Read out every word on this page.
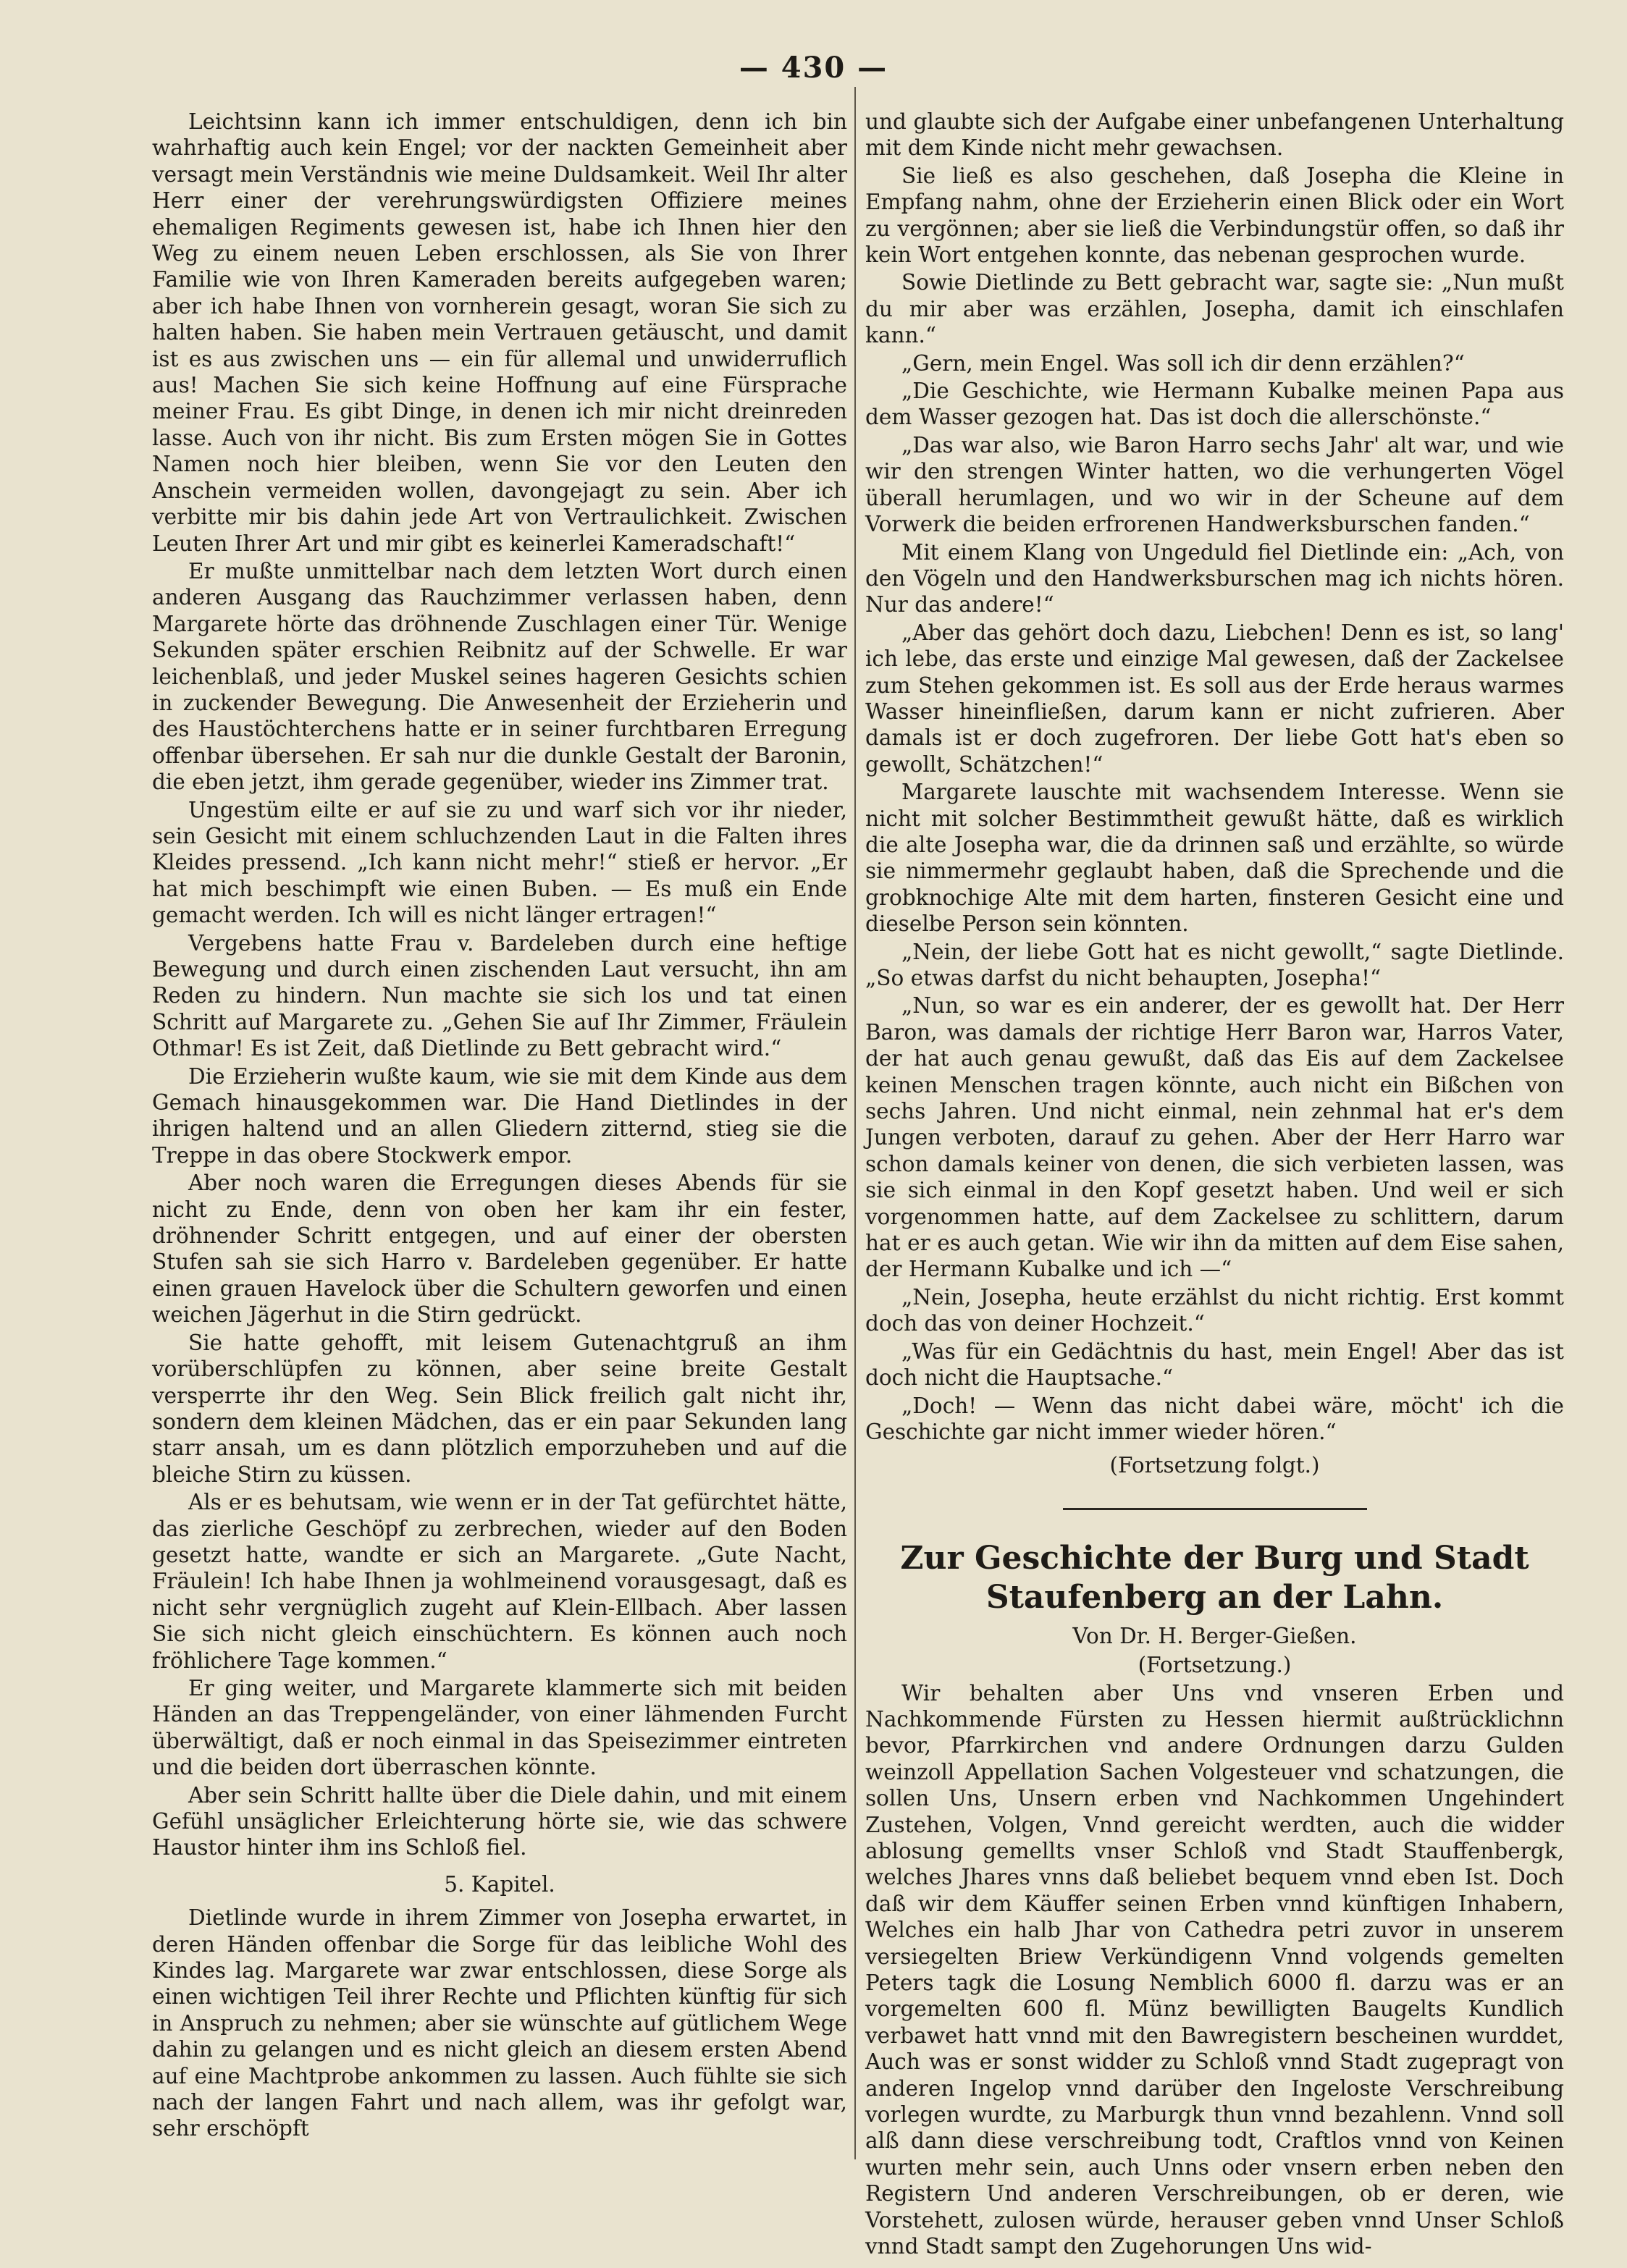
— 430 —

Leichtsinn kann ich immer entschuldigen, denn ich bin wahrhaftig auch kein Engel; vor der nackten Gemeinheit aber versagt mein Verständnis wie meine Duldsamkeit. Weil Ihr alter Herr einer der verehrungswürdigsten Offiziere meines ehemaligen Regiments gewesen ist, habe ich Ihnen hier den Weg zu einem neuen Leben erschlossen, als Sie von Ihrer Familie wie von Ihren Kameraden bereits aufgegeben waren; aber ich habe Ihnen von vornherein gesagt, woran Sie sich zu halten haben. Sie haben mein Vertrauen getäuscht, und damit ist es aus zwischen uns — ein für allemal und unwiderruflich aus! Machen Sie sich keine Hoffnung auf eine Fürsprache meiner Frau. Es gibt Dinge, in denen ich mir nicht dreinreden lasse. Auch von ihr nicht. Bis zum Ersten mögen Sie in Gottes Namen noch hier bleiben, wenn Sie vor den Leuten den Anschein vermeiden wollen, davongejagt zu sein. Aber ich verbitte mir bis dahin jede Art von Vertraulichkeit. Zwischen Leuten Ihrer Art und mir gibt es keinerlei Kameradschaft!“

Er mußte unmittelbar nach dem letzten Wort durch einen anderen Ausgang das Rauchzimmer verlassen haben, denn Margarete hörte das dröhnende Zuschlagen einer Tür. Wenige Sekunden später erschien Reibnitz auf der Schwelle. Er war leichenblaß, und jeder Muskel seines hageren Gesichts schien in zuckender Bewegung. Die Anwesenheit der Erzieherin und des Haustöchterchens hatte er in seiner furchtbaren Erregung offenbar übersehen. Er sah nur die dunkle Gestalt der Baronin, die eben jetzt, ihm gerade gegenüber, wieder ins Zimmer trat.

Ungestüm eilte er auf sie zu und warf sich vor ihr nieder, sein Gesicht mit einem schluchzenden Laut in die Falten ihres Kleides pressend. „Ich kann nicht mehr!“ stieß er hervor. „Er hat mich beschimpft wie einen Buben. — Es muß ein Ende gemacht werden. Ich will es nicht länger ertragen!“

Vergebens hatte Frau v. Bardeleben durch eine heftige Bewegung und durch einen zischenden Laut versucht, ihn am Reden zu hindern. Nun machte sie sich los und tat einen Schritt auf Margarete zu. „Gehen Sie auf Ihr Zimmer, Fräulein Othmar! Es ist Zeit, daß Dietlinde zu Bett gebracht wird.“

Die Erzieherin wußte kaum, wie sie mit dem Kinde aus dem Gemach hinausgekommen war. Die Hand Dietlindes in der ihrigen haltend und an allen Gliedern zitternd, stieg sie die Treppe in das obere Stockwerk empor.

Aber noch waren die Erregungen dieses Abends für sie nicht zu Ende, denn von oben her kam ihr ein fester, dröhnender Schritt entgegen, und auf einer der obersten Stufen sah sie sich Harro v. Bardeleben gegenüber. Er hatte einen grauen Havelock über die Schultern geworfen und einen weichen Jägerhut in die Stirn gedrückt.

Sie hatte gehofft, mit leisem Gutenachtgruß an ihm vorüberschlüpfen zu können, aber seine breite Gestalt versperrte ihr den Weg. Sein Blick freilich galt nicht ihr, sondern dem kleinen Mädchen, das er ein paar Sekunden lang starr ansah, um es dann plötzlich emporzuheben und auf die bleiche Stirn zu küssen.

Als er es behutsam, wie wenn er in der Tat gefürchtet hätte, das zierliche Geschöpf zu zerbrechen, wieder auf den Boden gesetzt hatte, wandte er sich an Margarete. „Gute Nacht, Fräulein! Ich habe Ihnen ja wohlmeinend vorausgesagt, daß es nicht sehr vergnüglich zugeht auf Klein-Ellbach. Aber lassen Sie sich nicht gleich einschüchtern. Es können auch noch fröhlichere Tage kommen.“

Er ging weiter, und Margarete klammerte sich mit beiden Händen an das Treppengeländer, von einer lähmenden Furcht überwältigt, daß er noch einmal in das Speisezimmer eintreten und die beiden dort überraschen könnte.

Aber sein Schritt hallte über die Diele dahin, und mit einem Gefühl unsäglicher Erleichterung hörte sie, wie das schwere Haustor hinter ihm ins Schloß fiel.

5. Kapitel.

Dietlinde wurde in ihrem Zimmer von Josepha erwartet, in deren Händen offenbar die Sorge für das leibliche Wohl des Kindes lag. Margarete war zwar entschlossen, diese Sorge als einen wichtigen Teil ihrer Rechte und Pflichten künftig für sich in Anspruch zu nehmen; aber sie wünschte auf gütlichem Wege dahin zu gelangen und es nicht gleich an diesem ersten Abend auf eine Machtprobe ankommen zu lassen. Auch fühlte sie sich nach der langen Fahrt und nach allem, was ihr gefolgt war, sehr erschöpft

und glaubte sich der Aufgabe einer unbefangenen Unterhaltung mit dem Kinde nicht mehr gewachsen.

Sie ließ es also geschehen, daß Josepha die Kleine in Empfang nahm, ohne der Erzieherin einen Blick oder ein Wort zu vergönnen; aber sie ließ die Verbindungstür offen, so daß ihr kein Wort entgehen konnte, das nebenan gesprochen wurde.

Sowie Dietlinde zu Bett gebracht war, sagte sie: „Nun mußt du mir aber was erzählen, Josepha, damit ich einschlafen kann.“

„Gern, mein Engel. Was soll ich dir denn erzählen?“

„Die Geschichte, wie Hermann Kubalke meinen Papa aus dem Wasser gezogen hat. Das ist doch die allerschönste.“

„Das war also, wie Baron Harro sechs Jahr' alt war, und wie wir den strengen Winter hatten, wo die verhungerten Vögel überall herumlagen, und wo wir in der Scheune auf dem Vorwerk die beiden erfrorenen Handwerksburschen fanden.“

Mit einem Klang von Ungeduld fiel Dietlinde ein: „Ach, von den Vögeln und den Handwerksburschen mag ich nichts hören. Nur das andere!“

„Aber das gehört doch dazu, Liebchen! Denn es ist, so lang' ich lebe, das erste und einzige Mal gewesen, daß der Zackelsee zum Stehen gekommen ist. Es soll aus der Erde heraus warmes Wasser hineinfließen, darum kann er nicht zufrieren. Aber damals ist er doch zugefroren. Der liebe Gott hat's eben so gewollt, Schätzchen!“

Margarete lauschte mit wachsendem Interesse. Wenn sie nicht mit solcher Bestimmtheit gewußt hätte, daß es wirklich die alte Josepha war, die da drinnen saß und erzählte, so würde sie nimmermehr geglaubt haben, daß die Sprechende und die grobknochige Alte mit dem harten, finsteren Gesicht eine und dieselbe Person sein könnten.

„Nein, der liebe Gott hat es nicht gewollt,“ sagte Dietlinde. „So etwas darfst du nicht behaupten, Josepha!“

„Nun, so war es ein anderer, der es gewollt hat. Der Herr Baron, was damals der richtige Herr Baron war, Harros Vater, der hat auch genau gewußt, daß das Eis auf dem Zackelsee keinen Menschen tragen könnte, auch nicht ein Bißchen von sechs Jahren. Und nicht einmal, nein zehnmal hat er's dem Jungen verboten, darauf zu gehen. Aber der Herr Harro war schon damals keiner von denen, die sich verbieten lassen, was sie sich einmal in den Kopf gesetzt haben. Und weil er sich vorgenommen hatte, auf dem Zackelsee zu schlittern, darum hat er es auch getan. Wie wir ihn da mitten auf dem Eise sahen, der Hermann Kubalke und ich —“

„Nein, Josepha, heute erzählst du nicht richtig. Erst kommt doch das von deiner Hochzeit.“

„Was für ein Gedächtnis du hast, mein Engel! Aber das ist doch nicht die Hauptsache.“

„Doch! — Wenn das nicht dabei wäre, möcht' ich die Geschichte gar nicht immer wieder hören.“

(Fortsetzung folgt.)

Zur Geschichte der Burg und Stadt Staufenberg an der Lahn.

Von Dr. H. Berger-Gießen.

(Fortsetzung.)

Wir behalten aber Uns vnd vnseren Erben und Nachkommende Fürsten zu Hessen hiermit außtrücklichnn bevor, Pfarrkirchen vnd andere Ordnungen darzu Gulden weinzoll Appellation Sachen Volgesteuer vnd schatzungen, die sollen Uns, Unsern erben vnd Nachkommen Ungehindert Zustehen, Volgen, Vnnd gereicht werdten, auch die widder ablosung gemellts vnser Schloß vnd Stadt Stauffenbergk, welches Jhares vnns daß beliebet bequem vnnd eben Ist. Doch daß wir dem Käuffer seinen Erben vnnd künftigen Inhabern, Welches ein halb Jhar von Cathedra petri zuvor in unserem versiegelten Briew Verkündigenn Vnnd volgends gemelten Peters tagk die Losung Nemblich 6000 fl. darzu was er an vorgemelten 600 fl. Münz bewilligten Baugelts Kundlich verbawet hatt vnnd mit den Bawregistern bescheinen wurddet, Auch was er sonst widder zu Schloß vnnd Stadt zugepragt von anderen Ingelop vnnd darüber den Ingeloste Verschreibung vorlegen wurdte, zu Marburgk thun vnnd bezahlenn. Vnnd soll alß dann diese verschreibung todt, Craftlos vnnd von Keinen wurten mehr sein, auch Unns oder vnsern erben neben den Registern Und anderen Verschreibungen, ob er deren, wie Vorstehett, zulosen würde, herauser geben vnnd Unser Schloß vnnd Stadt sampt den Zugehorungen Uns wid-
